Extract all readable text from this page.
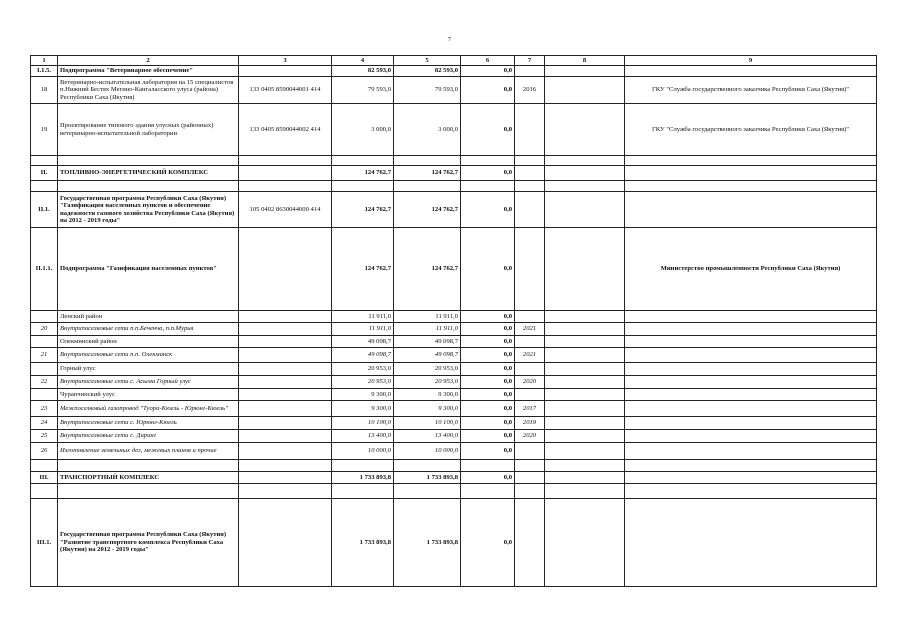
7
1	2	3	4	5	6	7	8	9
I.1.5.	Подпрограмма "Ветеринарное обеспечение"		82 593,0	82 593,0	0,0			
18	Ветеринарно-испытательная лаборатория на 15 специалистов п.Нижний Бестях Мегино-Кангаласского улуса (района) Республики Саха (Якутия)	133 0405 8590044001 414	79 593,0	79 593,0	0,0	2016		ГКУ "Служба государственного заказчика Республики Саха (Якутия)"
19	Проектирование типового здания улусных (районных) ветеринарно-испытательной лаборатории	133 0405 8590044002 414	3 000,0	3 000,0	0,0			ГКУ "Служба государственного заказчика Республики Саха (Якутия)"

II.	ТОПЛИВНО-ЭНЕРГЕТИЧЕСКИЙ КОМПЛЕКС		124 762,7	124 762,7	0,0			

II.1.	Государственная программа Республики Саха (Якутия) "Газификация населенных пунктов и обеспечение надежности газового хозяйства Республики Саха (Якутия) на 2012 - 2019 годы"	105 0402 8630044000 414	124 762,7	124 762,7	0,0			
II.1.1.	Подпрограмма "Газификация населенных пунктов"		124 762,7	124 762,7	0,0			Министерство промышленности Республики Саха (Якутия)
	Ленский район		11 911,0	11 911,0	0,0			
20	Внутрипоселковые сети п.п.Беченча, п.п.Мурья		11 911,0	11 911,0	0,0	2021		
	Олекминский район		49 098,7	49 098,7	0,0			
21	Внутрипоселковые сети п.п. Олекминск		49 098,7	49 098,7	0,0	2021		
	Горный улус		20 953,0	20 953,0	0,0			
22	Внутрипоселковые сети с. Асыма Горный улус		20 953,0	20 953,0	0,0	2020		
	Чурапчинский улус		9 300,0	9 300,0	0,0			
23	Межпоселковый газопровод "Туора-Кюель - Юрюнг-Кюель"		9 300,0	9 300,0	0,0	2017		
24	Внутрипоселковые сети с. Юрюнг-Кюель		10 100,0	10 100,0	0,0	2019		
25	Внутрипоселковые сети с. Диринг		13 400,0	13 400,0	0,0	2020		
26	Изготовление земельных дел, межевых планов и прочие		10 000,0	10 000,0	0,0			

III.	ТРАНСПОРТНЫЙ КОМПЛЕКС		1 733 893,8	1 733 893,8	0,0			

III.1.	Государственная программа Республики Саха (Якутия) "Развитие транспортного комплекса Республики Саха (Якутия) на 2012 - 2019 годы"		1 733 893,8	1 733 893,8	0,0			
